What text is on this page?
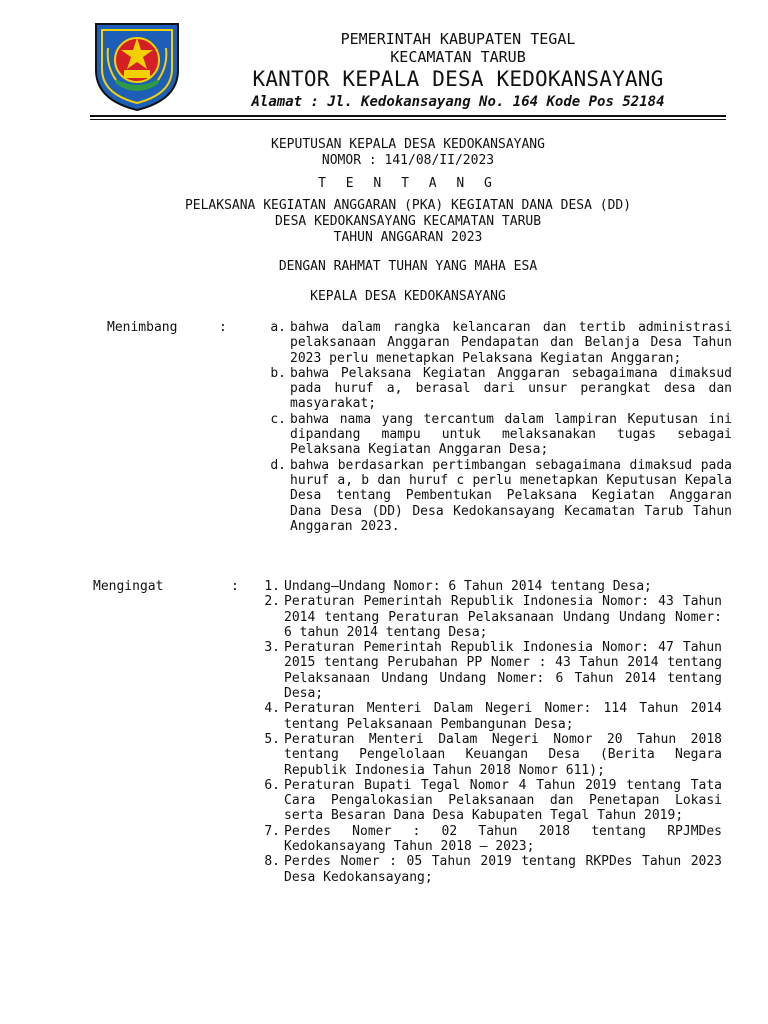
PEMERINTAH KABUPATEN TEGAL
KECAMATAN TARUB
KANTOR KEPALA DESA KEDOKANSAYANG
Alamat : Jl. Kedokansayang No. 164 Kode Pos 52184
KEPUTUSAN KEPALA DESA KEDOKANSAYANG
NOMOR : 141/08/II/2023
T E N T A N G
PELAKSANA KEGIATAN ANGGARAN (PKA) KEGIATAN DANA DESA (DD)
DESA KEDOKANSAYANG KECAMATAN TARUB
TAHUN ANGGARAN 2023
DENGAN RAHMAT TUHAN YANG MAHA ESA
KEPALA DESA KEDOKANSAYANG
Menimbang	:	a. bahwa dalam rangka kelancaran dan tertib administrasi pelaksanaan Anggaran Pendapatan dan Belanja Desa Tahun 2023 perlu menetapkan Pelaksana Kegiatan Anggaran;
b. bahwa Pelaksana Kegiatan Anggaran sebagaimana dimaksud pada huruf a, berasal dari unsur perangkat desa dan masyarakat;
c. bahwa nama yang tercantum dalam lampiran Keputusan ini dipandang mampu untuk melaksanakan tugas sebagai Pelaksana Kegiatan Anggaran Desa;
d. bahwa berdasarkan pertimbangan sebagaimana dimaksud pada huruf a, b dan huruf c perlu menetapkan Keputusan Kepala Desa tentang Pembentukan Pelaksana Kegiatan Anggaran Dana Desa (DD) Desa Kedokansayang Kecamatan Tarub Tahun Anggaran 2023.
Mengingat	:	1. Undang–Undang Nomor: 6 Tahun 2014 tentang Desa;
2. Peraturan Pemerintah Republik Indonesia Nomor: 43 Tahun 2014 tentang Peraturan Pelaksanaan Undang Undang Nomer: 6 tahun 2014 tentang Desa;
3. Peraturan Pemerintah Republik Indonesia Nomor: 47 Tahun 2015 tentang Perubahan PP Nomer : 43 Tahun 2014 tentang Pelaksanaan Undang Undang Nomer: 6 Tahun 2014 tentang Desa;
4. Peraturan Menteri Dalam Negeri Nomer: 114 Tahun 2014 tentang Pelaksanaan Pembangunan Desa;
5. Peraturan Menteri Dalam Negeri Nomor 20 Tahun 2018 tentang Pengelolaan Keuangan Desa (Berita Negara Republik Indonesia Tahun 2018 Nomor 611);
6. Peraturan Bupati Tegal Nomor 4 Tahun 2019 tentang Tata Cara Pengalokasian Pelaksanaan dan Penetapan Lokasi serta Besaran Dana Desa Kabupaten Tegal Tahun 2019;
7. Perdes Nomer : 02 Tahun 2018 tentang RPJMDes Kedokansayang Tahun 2018 – 2023;
8. Perdes Nomer : 05 Tahun 2019 tentang RKPDes Tahun 2023 Desa Kedokansayang;
